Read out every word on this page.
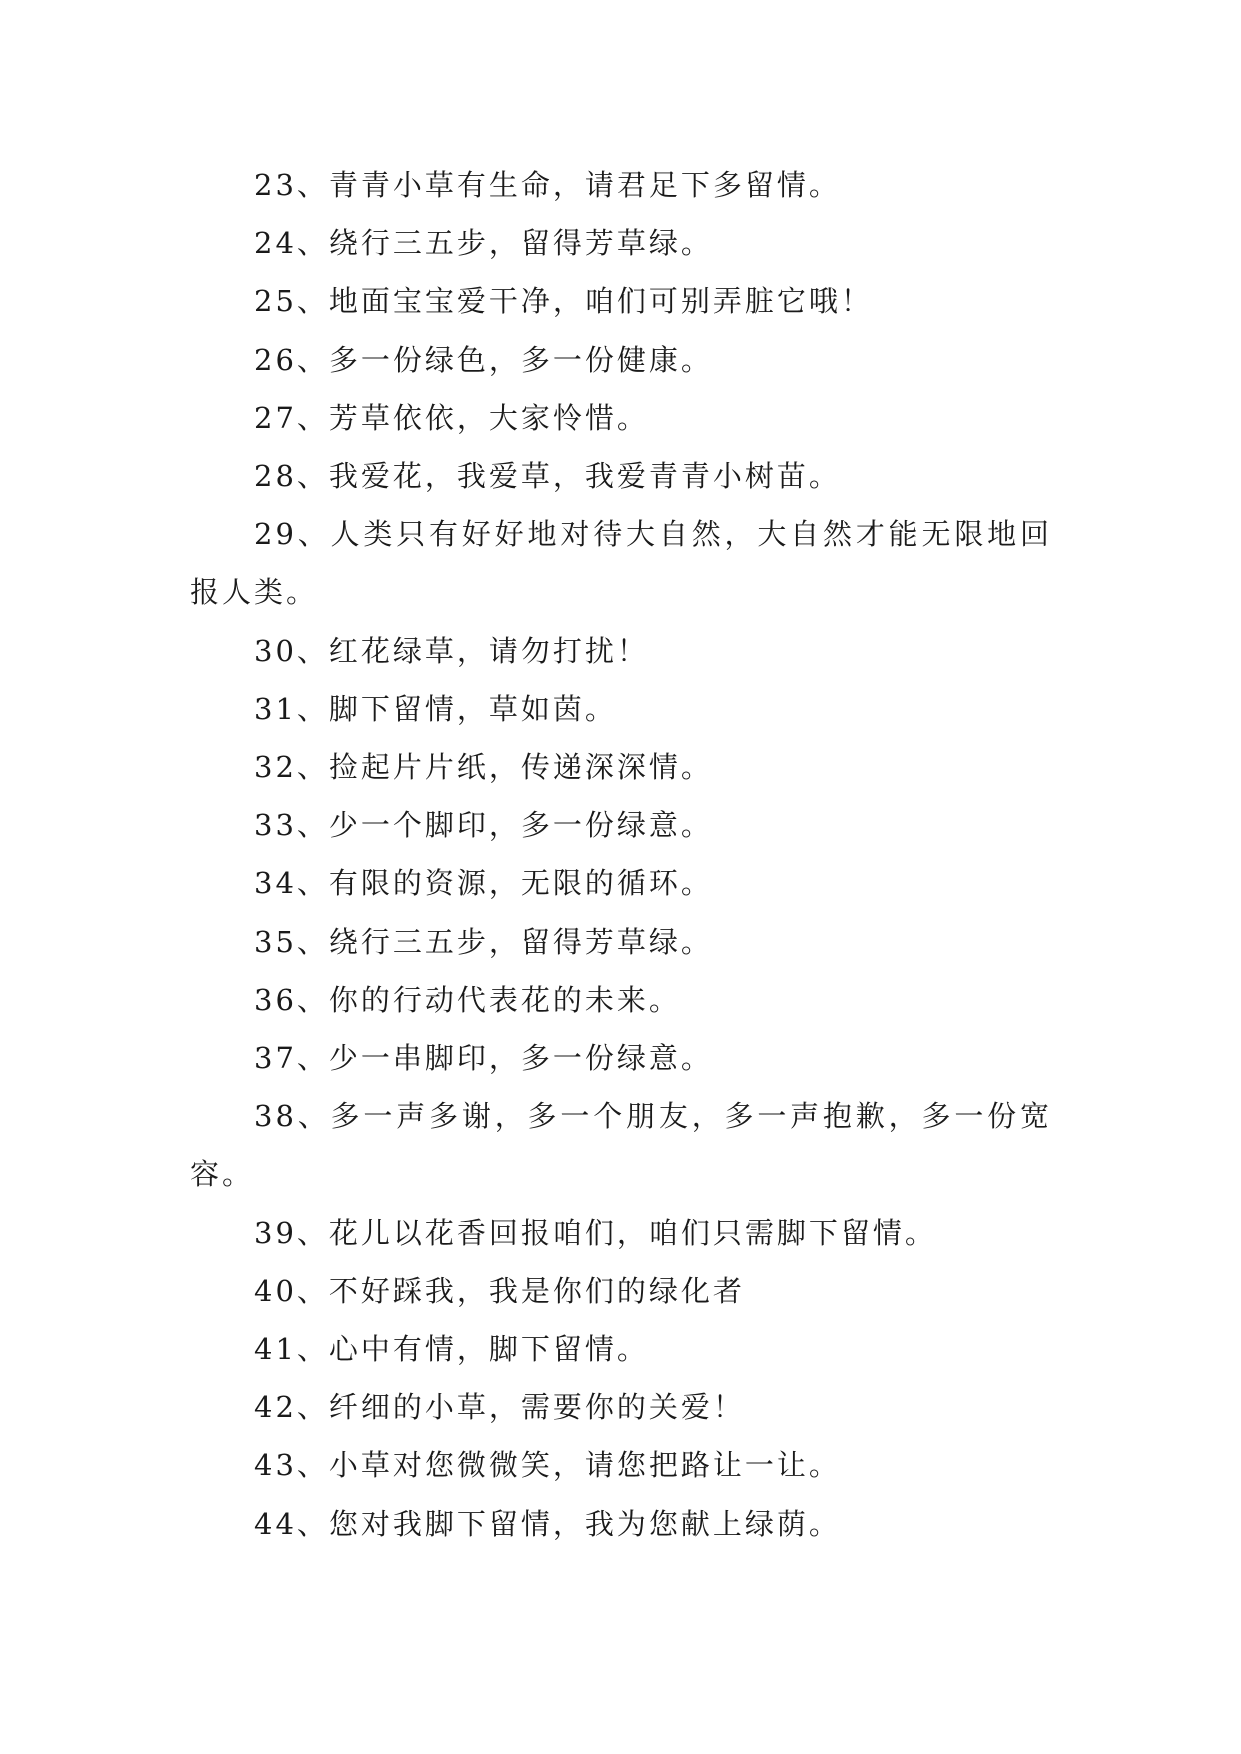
23、青青小草有生命，请君足下多留情。

24、绕行三五步，留得芳草绿。

25、地面宝宝爱干净，咱们可别弄脏它哦！

26、多一份绿色，多一份健康。

27、芳草依依，大家怜惜。

28、我爱花，我爱草，我爱青青小树苗。

29、人类只有好好地对待大自然，大自然才能无限地回报人类。

30、红花绿草，请勿打扰！

31、脚下留情，草如茵。

32、捡起片片纸，传递深深情。

33、少一个脚印，多一份绿意。

34、有限的资源，无限的循环。

35、绕行三五步，留得芳草绿。

36、你的行动代表花的未来。

37、少一串脚印，多一份绿意。

38、多一声多谢，多一个朋友，多一声抱歉，多一份宽容。

39、花儿以花香回报咱们，咱们只需脚下留情。

40、不好踩我，我是你们的绿化者

41、心中有情，脚下留情。

42、纤细的小草，需要你的关爱！

43、小草对您微微笑，请您把路让一让。

44、您对我脚下留情，我为您献上绿荫。
